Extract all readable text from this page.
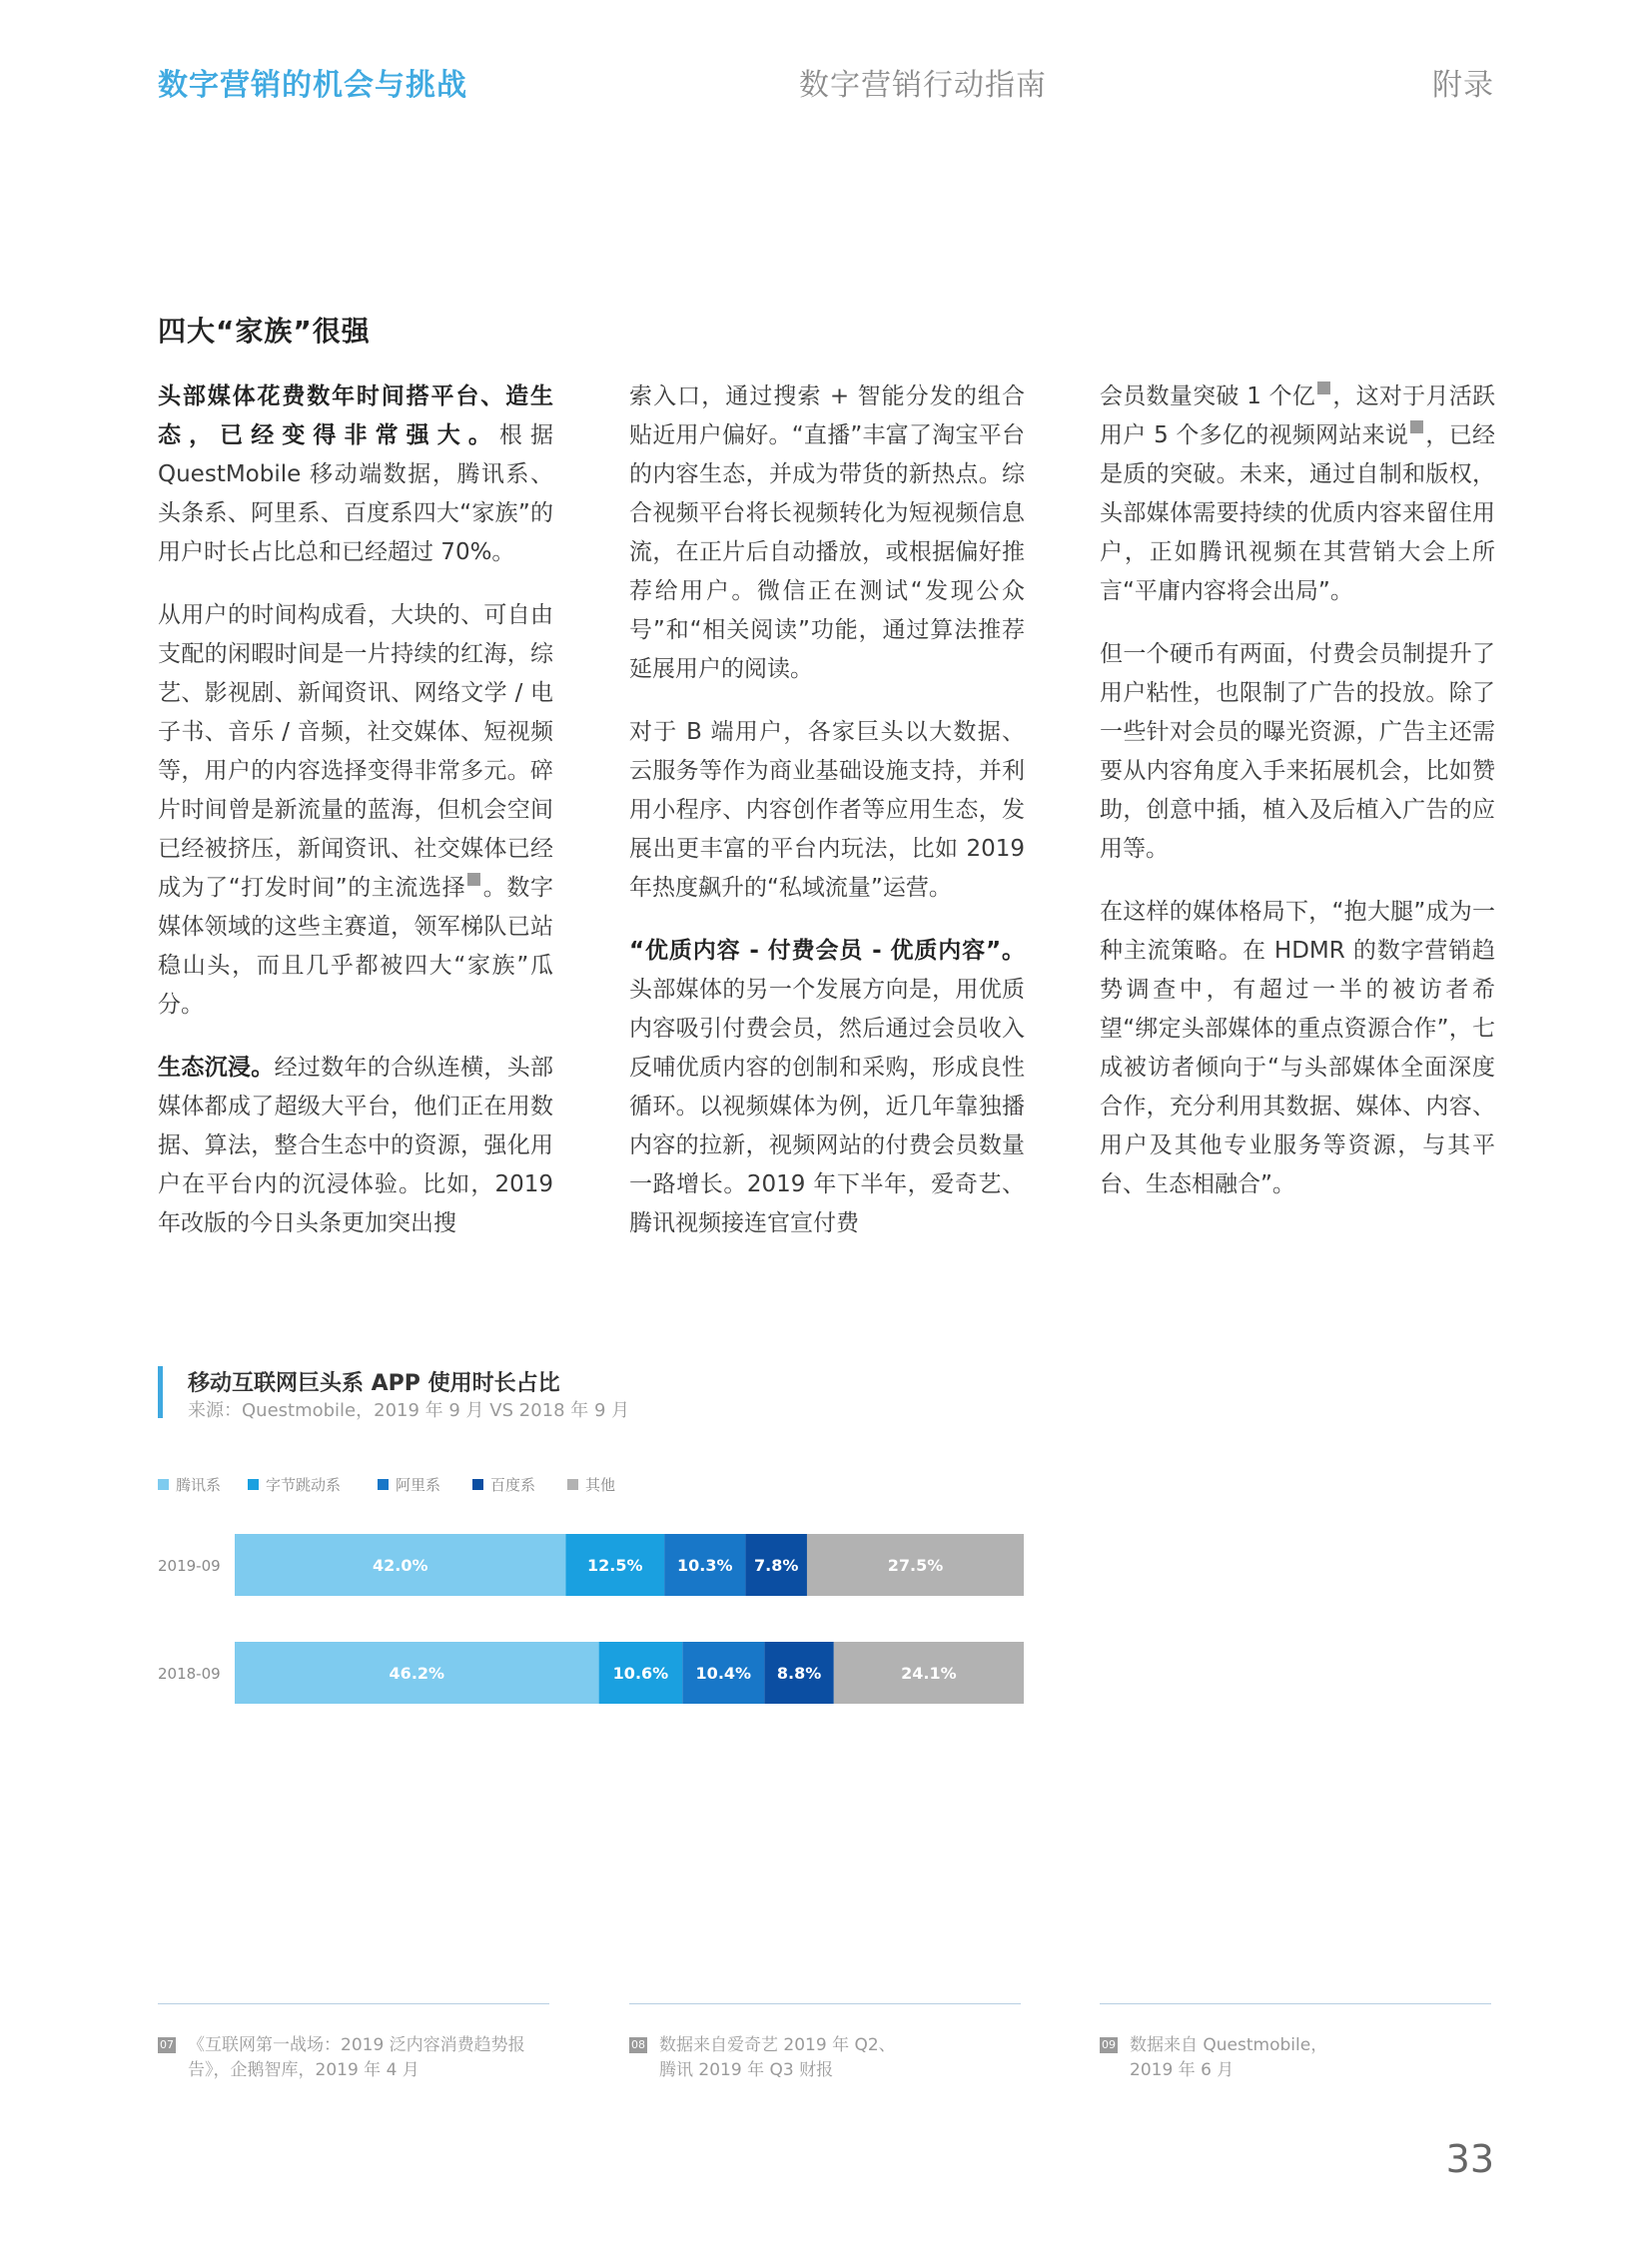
数字营销的机会与挑战	数字营销行动指南	附录
四大“家族”很强

头部媒体花费数年时间搭平台、造生态，已经变得非常强大。根据 QuestMobile 移动端数据，腾讯系、头条系、阿里系、百度系四大“家族”的用户时长占比总和已经超过 70%。

从用户的时间构成看，大块的、可自由支配的闲暇时间是一片持续的红海，综艺、影视剧、新闻资讯、网络文学 / 电子书、音乐 / 音频，社交媒体、短视频等，用户的内容选择变得非常多元。碎片时间曾是新流量的蓝海，但机会空间已经被挤压，新闻资讯、社交媒体已经成为了“打发时间”的主流选择 。数字媒体领域的这些主赛道，领军梯队已站稳山头，而且几乎都被四大“家族”瓜分。

生态沉浸。经过数年的合纵连横，头部媒体都成了超级大平台，他们正在用数据、算法，整合生态中的资源，强化用户在平台内的沉浸体验。比如，2019 年改版的今日头条更加突出搜

索入口，通过搜索 + 智能分发的组合贴近用户偏好。“直播”丰富了淘宝平台的内容生态，并成为带货的新热点。综合视频平台将长视频转化为短视频信息流，在正片后自动播放，或根据偏好推荐给用户。微信正在测试“发现公众号”和“相关阅读”功能，通过算法推荐延展用户的阅读。

对于 B 端用户，各家巨头以大数据、云服务等作为商业基础设施支持，并利用小程序、内容创作者等应用生态，发展出更丰富的平台内玩法，比如 2019 年热度飙升的“私域流量”运营。

“优质内容 - 付费会员 - 优质内容”。头部媒体的另一个发展方向是，用优质内容吸引付费会员，然后通过会员收入反哺优质内容的创制和采购，形成良性循环。以视频媒体为例，近几年靠独播内容的拉新，视频网站的付费会员数量一路增长。2019 年下半年，爱奇艺、腾讯视频接连官宣付费

会员数量突破 1 个亿 ，这对于月活跃用户 5 个多亿的视频网站来说 ，已经是质的突破。未来，通过自制和版权，头部媒体需要持续的优质内容来留住用户，正如腾讯视频在其营销大会上所言“平庸内容将会出局”。

但一个硬币有两面，付费会员制提升了用户粘性，也限制了广告的投放。除了一些针对会员的曝光资源，广告主还需要从内容角度入手来拓展机会，比如赞助，创意中插，植入及后植入广告的应用等。

在这样的媒体格局下，“抱大腿”成为一种主流策略。在 HDMR 的数字营销趋势调查中，有超过一半的被访者希望“绑定头部媒体的重点资源合作”，七成被访者倾向于“与头部媒体全面深度合作，充分利用其数据、媒体、内容、用户及其他专业服务等资源，与其平台、生态相融合”。

移动互联网巨头系 APP 使用时长占比
来源：Questmobile，2019 年 9 月 VS 2018 年 9 月
腾讯系	字节跳动系	阿里系	百度系	其他
2019-09	42.0%	12.5% 10.3% 7.8%	27.5%
2018-09	46.2%	10.6% 10.4% 8.8%	24.1%
07 《互联网第一战场：2019 泛内容消费趋势报
告》，企鹅智库，2019 年 4 月
08 数据来自爱奇艺 2019 年 Q2、
腾讯 2019 年 Q3 财报
09 数据来自 Questmobile，
2019 年 6 月
33
